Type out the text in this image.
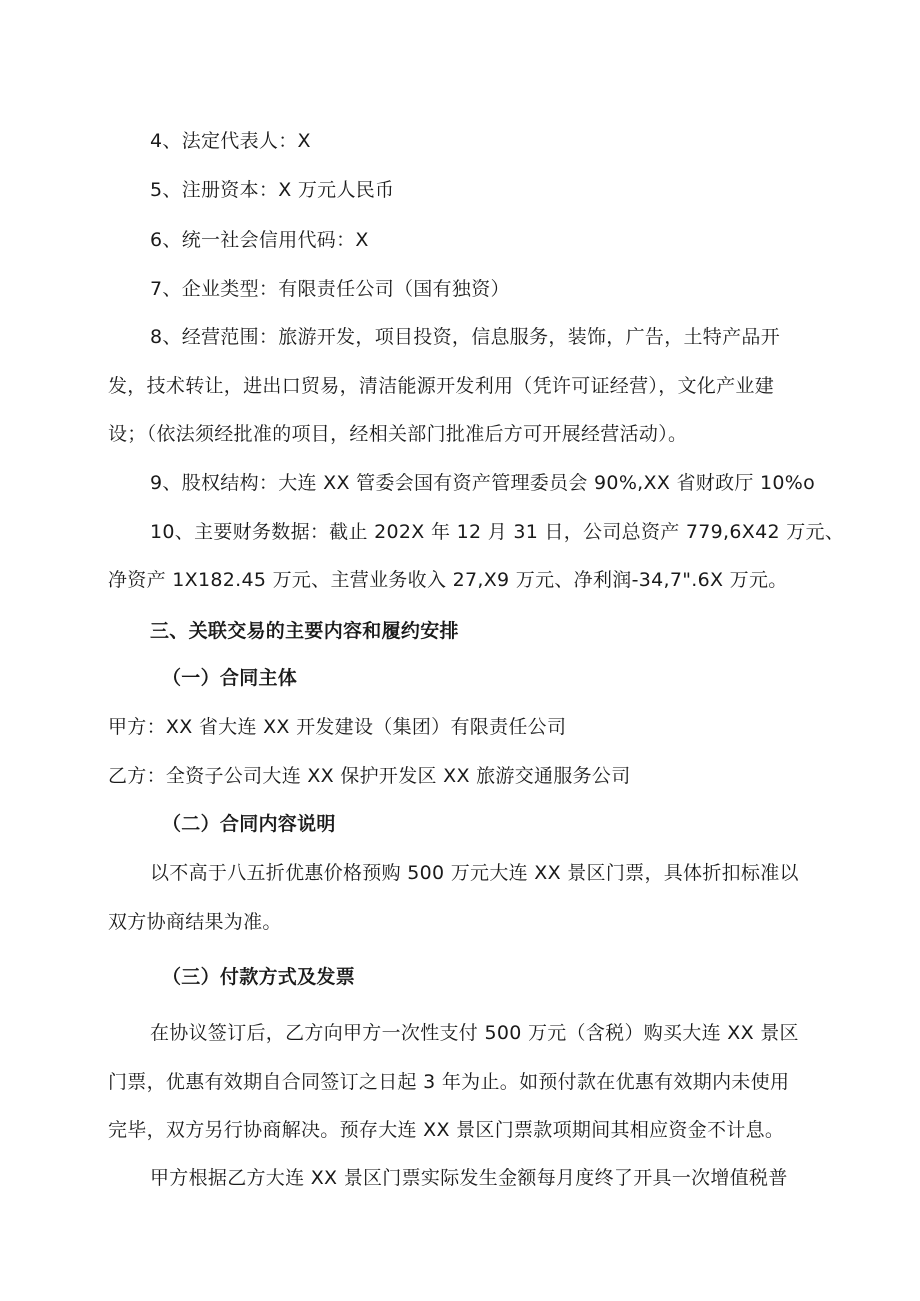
4、法定代表人：X
5、注册资本：X 万元人民币
6、统一社会信用代码：X
7、企业类型：有限责任公司（国有独资）
8、经营范围：旅游开发，项目投资，信息服务，装饰，广告，土特产品开
发，技术转让，进出口贸易，清洁能源开发利用（凭许可证经营），文化产业建
设；（依法须经批准的项目，经相关部门批准后方可开展经营活动）。
9、股权结构：大连 XX 管委会国有资产管理委员会 90%,XX 省财政厅 10%o
10、主要财务数据：截止 202X 年 12 月 31 日，公司总资产 779,6X42 万元、
净资产 1X182.45 万元、主营业务收入 27,X9 万元、净利润-34,7".6X 万元。
三、关联交易的主要内容和履约安排
（一）合同主体
甲方：XX 省大连 XX 开发建设（集团）有限责任公司
乙方：全资子公司大连 XX 保护开发区 XX 旅游交通服务公司
（二）合同内容说明
以不高于八五折优惠价格预购 500 万元大连 XX 景区门票，具体折扣标准以
双方协商结果为准。
（三）付款方式及发票
在协议签订后，乙方向甲方一次性支付 500 万元（含税）购买大连 XX 景区
门票，优惠有效期自合同签订之日起 3 年为止。如预付款在优惠有效期内未使用
完毕，双方另行协商解决。预存大连 XX 景区门票款项期间其相应资金不计息。
甲方根据乙方大连 XX 景区门票实际发生金额每月度终了开具一次增值税普
